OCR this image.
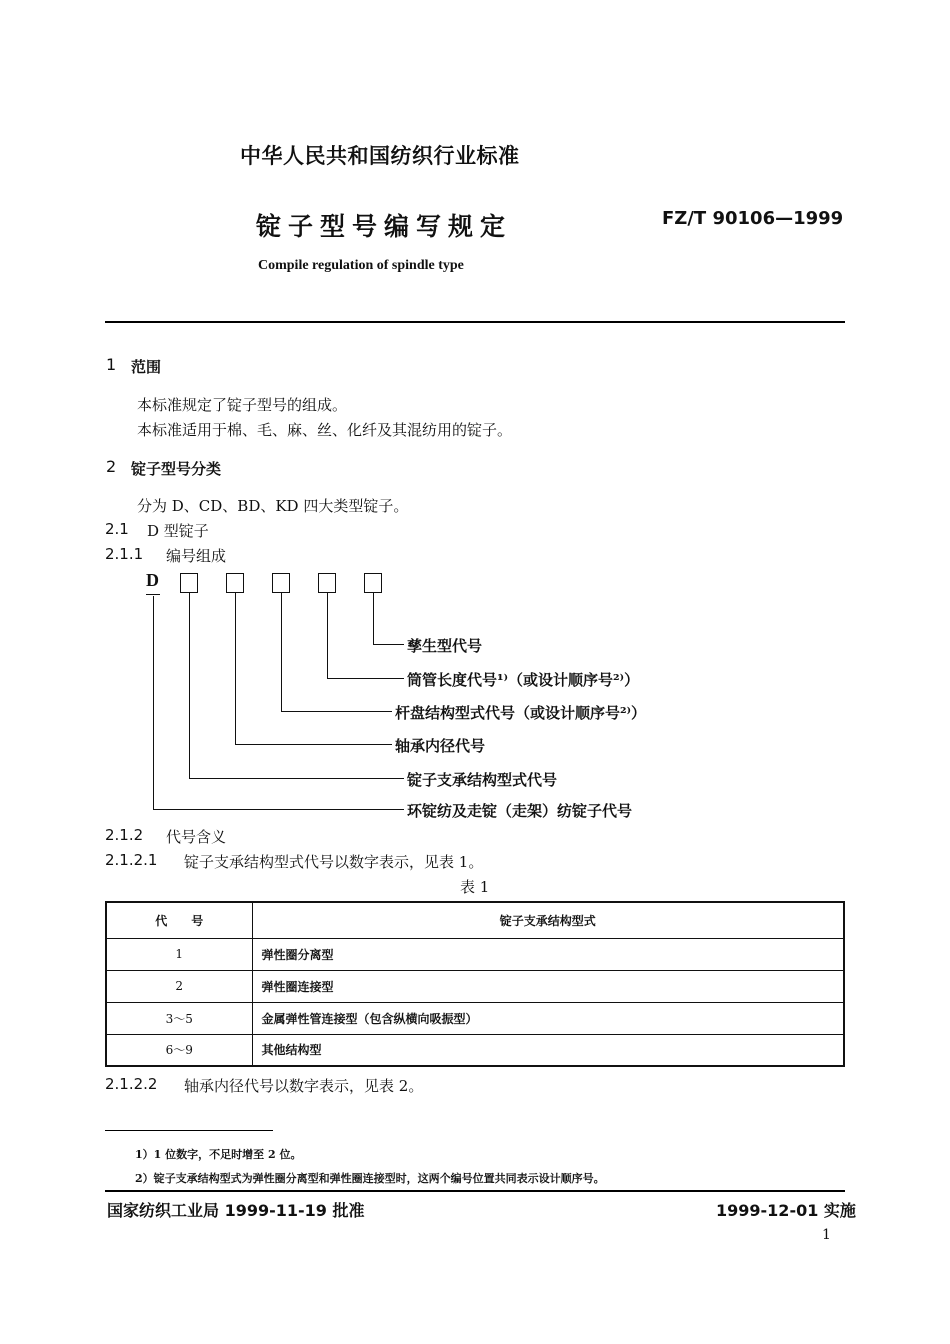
中华人民共和国纺织行业标准
锭子型号编写规定	FZ/T 90106—1999
Compile regulation of spindle type
1 范围
本标准规定了锭子型号的组成。
本标准适用于棉、毛、麻、丝、化纤及其混纺用的锭子。
2 锭子型号分类
分为 D、CD、BD、KD 四大类型锭子。
2.1 D 型锭子
2.1.1 编号组成
D
孳生型代号
筒管长度代号¹⁾（或设计顺序号²⁾）
杆盘结构型式代号（或设计顺序号²⁾）
轴承内径代号
锭子支承结构型式代号
环锭纺及走锭（走架）纺锭子代号
2.1.2 代号含义
2.1.2.1 锭子支承结构型式代号以数字表示，见表 1。
表 1
代　　号	锭子支承结构型式
1	弹性圈分离型
2	弹性圈连接型
3～5	金属弹性管连接型（包含纵横向吸振型）
6～9	其他结构型
2.1.2.2 轴承内径代号以数字表示，见表 2。
1）1 位数字，不足时增至 2 位。
2）锭子支承结构型式为弹性圈分离型和弹性圈连接型时，这两个编号位置共同表示设计顺序号。
国家纺织工业局 1999-11-19 批准	1999-12-01 实施
1
